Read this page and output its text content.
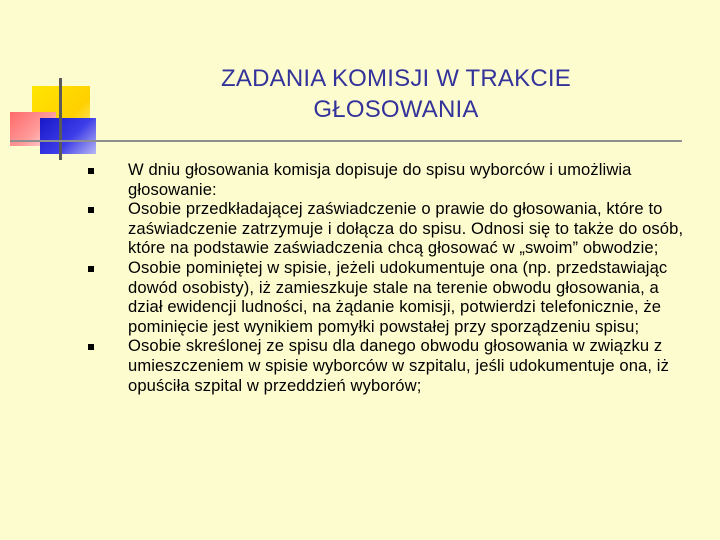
ZADANIA KOMISJI W TRAKCIE
GŁOSOWANIA
W dniu głosowania komisja dopisuje do spisu wyborców i umożliwia głosowanie:
Osobie przedkładającej zaświadczenie o prawie do głosowania, które to zaświadczenie zatrzymuje i dołącza do spisu. Odnosi się to także do osób, które na podstawie zaświadczenia chcą głosować w „swoim” obwodzie;
Osobie pominiętej w spisie, jeżeli udokumentuje ona (np. przedstawiając dowód osobisty), iż zamieszkuje stale na terenie obwodu głosowania, a dział ewidencji ludności, na żądanie komisji, potwierdzi telefonicznie, że pominięcie jest wynikiem pomyłki powstałej przy sporządzeniu spisu;
Osobie skreślonej ze spisu dla danego obwodu głosowania w związku z umieszczeniem w spisie wyborców w szpitalu, jeśli udokumentuje ona, iż opuściła szpital w przeddzień wyborów;
